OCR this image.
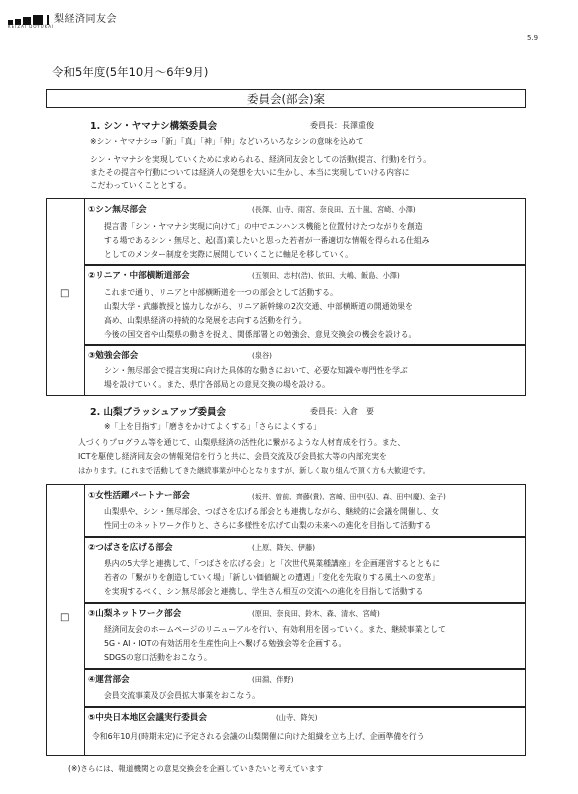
梨経済同友会
KEIZAI DOYUKAI
5.9
令和5年度(5年10月～6年9月)
委員会(部会)案
1. シン・ヤマナシ構築委員会	委員長：長澤重俊
※シン・ヤマナシ⇒「新」「真」「神」「伸」などいろいろなシンの意味を込めて
シン・ヤマナシを実現していくために求められる、経済同友会としての活動(提言、行動)を行う。
またその提言や行動については経済人の発想を大いに生かし、本当に実現していける内容に
こだわっていくこととする。
□
①シン無尽部会	(長澤、山寺、雨宮、奈良田、五十嵐、宮崎、小澤)
提言書「シン・ヤマナシ実現に向けて」の中でエンハンス機能と位置付けたつながりを創造
する場であるシン・無尽と、起(喜)業したいと思った若者が一番適切な情報を得られる仕組み
としてのメンター制度を実際に展開していくことに軸足を移していく。
②リニア・中部横断道部会	(五領田、志村(浩)、依田、大嶋、飯島、小澤)
これまで通り、リニアと中部横断道を一つの部会として活動する。
山梨大学・武藤教授と協力しながら、リニア新幹線の2次交通、中部横断道の開通効果を
高め、山梨県経済の持続的な発展を志向する活動を行う。
今後の国交省や山梨県の動きを捉え、関係部署との勉強会、意見交換会の機会を設ける。
③勉強会部会	(泉谷)
シン・無尽部会で提言実現に向けた具体的な動きにおいて、必要な知識や専門性を学ぶ
場を設けていく。また、県庁各部局との意見交換の場を設ける。
2. 山梨ブラッシュアップ委員会	委員長：入倉　要
※「上を目指す」「磨きをかけてよくする」「さらによくする」
人づくりプログラム等を通じて、山梨県経済の活性化に繋がるような人材育成を行う。また、
ICTを駆使し経済同友会の情報発信を行うと共に、会員交流及び会員拡大等の内部充実を
はかります。(これまで活動してきた継続事業が中心となりますが、新しく取り組んで頂く方も大歓迎です。
□
①女性活躍パートナー部会	(坂井、曽前、齊藤(貴)、宮崎、田中(弘)、森、田中(慶)、金子)
山梨県や、シン・無尽部会、つばさを広げる部会とも連携しながら、継続的に会議を開催し、女
性同士のネットワーク作りと、さらに多様性を広げて山梨の未来への進化を目指して活動する
②つばさを広げる部会	(上原、降矢、伊藤)
県内の5大学と連携して、「つばさを広げる会」と「次世代異業種講座」を企画運営するとともに
若者の「繋がりを創造していく場」「新しい価値観との遭遇」「変化を先取りする風土への変革」
を実現するべく、シン無尽部会と連携し、学生さん相互の交流への進化を目指して活動する
③山梨ネットワーク部会	(原田、奈良田、鈴木、森、清水、宮崎)
経済同友会のホームページのリニューアルを行い、有効利用を図っていく。また、継続事業として
5G・AI・IOTの有効活用を生産性向上へ繋げる勉強会等を企画する。
SDGSの窓口活動をおこなう。
④運営部会	(田淵、伴野)
会員交流事業及び会員拡大事業をおこなう。
⑤中央日本地区会議実行委員会	(山寺、降矢)
令和6年10月(時期未定)に予定される会議の山梨開催に向けた組織を立ち上げ、企画準備を行う
(※)さらには、報道機関との意見交換会を企画していきたいと考えています
